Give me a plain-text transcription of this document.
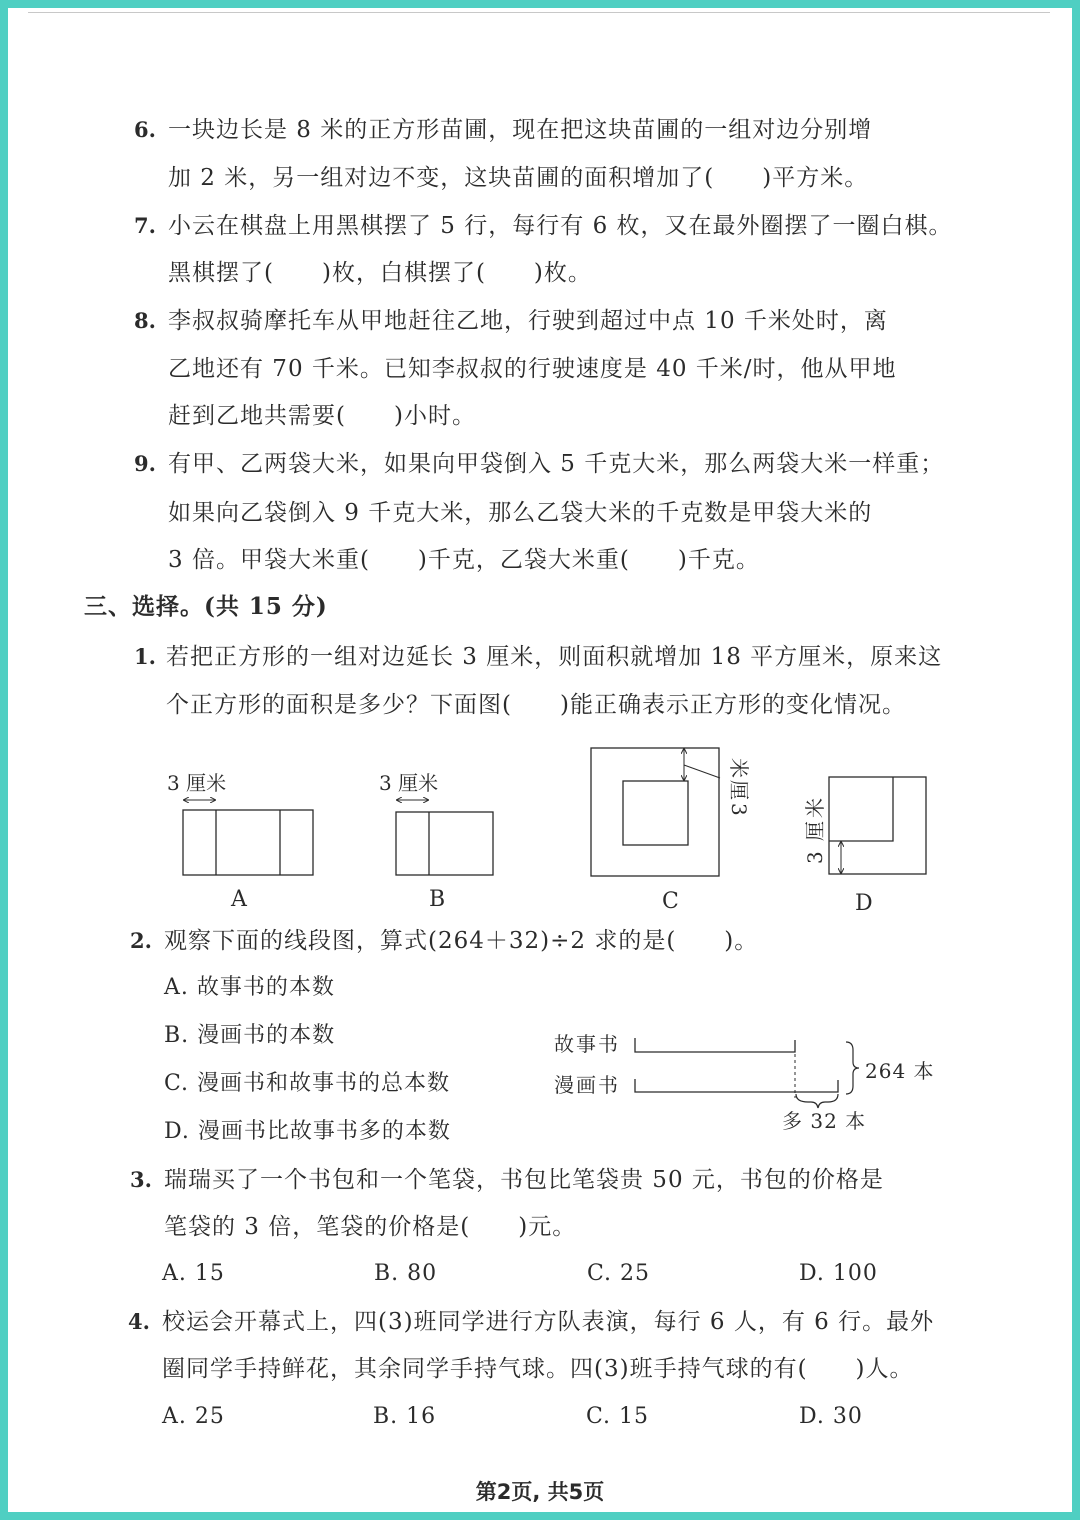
6. 一块边长是 8 米的正方形苗圃，现在把这块苗圃的一组对边分别增
加 2 米，另一组对边不变，这块苗圃的面积增加了(　　)平方米。
7. 小云在棋盘上用黑棋摆了 5 行，每行有 6 枚，又在最外圈摆了一圈白棋。
黑棋摆了(　　)枚，白棋摆了(　　)枚。
8. 李叔叔骑摩托车从甲地赶往乙地，行驶到超过中点 10 千米处时，离
乙地还有 70 千米。已知李叔叔的行驶速度是 40 千米/时，他从甲地
赶到乙地共需要(　　)小时。
9. 有甲、乙两袋大米，如果向甲袋倒入 5 千克大米，那么两袋大米一样重；
如果向乙袋倒入 9 千克大米，那么乙袋大米的千克数是甲袋大米的
3 倍。甲袋大米重(　　)千克，乙袋大米重(　　)千克。
三、选择。(共 15 分)
1. 若把正方形的一组对边延长 3 厘米，则面积就增加 18 平方厘米，原来这
个正方形的面积是多少？下面图(　　)能正确表示正方形的变化情况。
3 厘米
A
3 厘米
B
米
厘
3
C
米
厘
3
D
2. 观察下面的线段图，算式(264＋32)÷2 求的是(　　)。
A. 故事书的本数
B. 漫画书的本数
C. 漫画书和故事书的总本数
D. 漫画书比故事书多的本数
故事书
漫画书
264 本
多 32 本
3. 瑞瑞买了一个书包和一个笔袋，书包比笔袋贵 50 元，书包的价格是
笔袋的 3 倍，笔袋的价格是(　　)元。
A. 15	B. 80	C. 25	D. 100
4. 校运会开幕式上，四(3)班同学进行方队表演，每行 6 人，有 6 行。最外
圈同学手持鲜花，其余同学手持气球。四(3)班手持气球的有(　　)人。
A. 25	B. 16	C. 15	D. 30
第2页, 共5页
